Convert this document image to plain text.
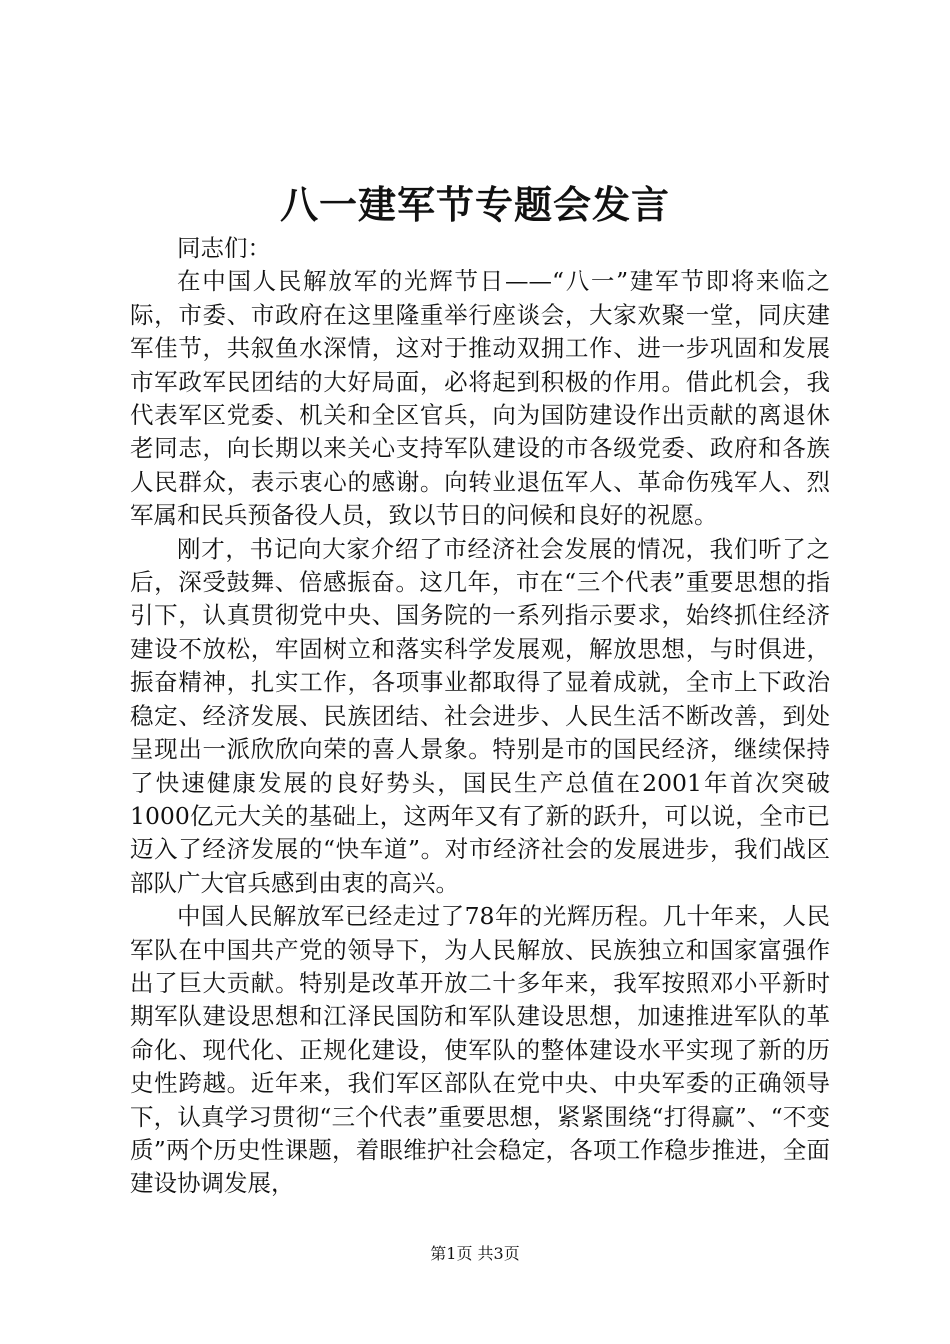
八一建军节专题会发言

同志们：

在中国人民解放军的光辉节日——“八一”建军节即将来临之际，市委、市政府在这里隆重举行座谈会，大家欢聚一堂，同庆建军佳节，共叙鱼水深情，这对于推动双拥工作、进一步巩固和发展市军政军民团结的大好局面，必将起到积极的作用。借此机会，我代表军区党委、机关和全区官兵，向为国防建设作出贡献的离退休老同志，向长期以来关心支持军队建设的市各级党委、政府和各族人民群众，表示衷心的感谢。向转业退伍军人、革命伤残军人、烈军属和民兵预备役人员，致以节日的问候和良好的祝愿。

刚才，书记向大家介绍了市经济社会发展的情况，我们听了之后，深受鼓舞、倍感振奋。这几年，市在“三个代表”重要思想的指引下，认真贯彻党中央、国务院的一系列指示要求，始终抓住经济建设不放松，牢固树立和落实科学发展观，解放思想，与时俱进，振奋精神，扎实工作，各项事业都取得了显着成就，全市上下政治稳定、经济发展、民族团结、社会进步、人民生活不断改善，到处呈现出一派欣欣向荣的喜人景象。特别是市的国民经济，继续保持了快速健康发展的良好势头，国民生产总值在2001年首次突破1000亿元大关的基础上，这两年又有了新的跃升，可以说，全市已迈入了经济发展的“快车道”。对市经济社会的发展进步，我们战区部队广大官兵感到由衷的高兴。

中国人民解放军已经走过了78年的光辉历程。几十年来，人民军队在中国共产党的领导下，为人民解放、民族独立和国家富强作出了巨大贡献。特别是改革开放二十多年来，我军按照邓小平新时期军队建设思想和江泽民国防和军队建设思想，加速推进军队的革命化、现代化、正规化建设，使军队的整体建设水平实现了新的历史性跨越。近年来，我们军区部队在党中央、中央军委的正确领导下，认真学习贯彻“三个代表”重要思想，紧紧围绕“打得赢”、“不变质”两个历史性课题，着眼维护社会稳定，各项工作稳步推进，全面建设协调发展，

第1页 共3页
